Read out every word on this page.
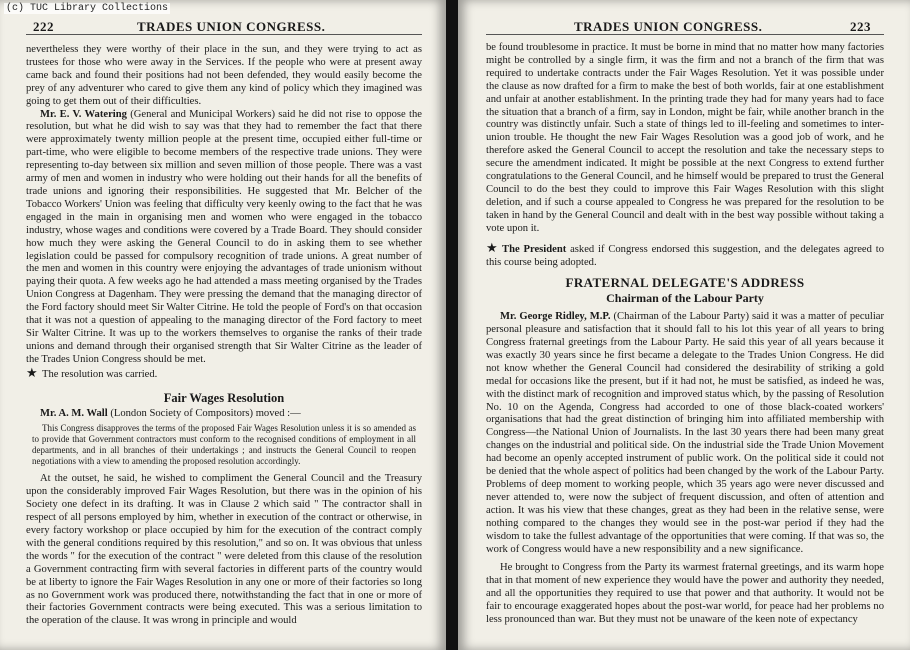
(c) TUC Library Collections
222	TRADES UNION CONGRESS.

nevertheless they were worthy of their place in the sun, and they were trying to act as trustees for those who were away in the Services. If the people who were at present away came back and found their positions had not been defended, they would easily become the prey of any adventurer who cared to give them any kind of policy which they imagined was going to get them out of their difficulties.

Mr. E. V. Watering (General and Municipal Workers) said he did not rise to oppose the resolution, but what he did wish to say was that they had to remember the fact that there were approximately twenty million people at the present time, occupied either full-time or part-time, who were eligible to become members of the respective trade unions. They were representing to-day between six million and seven million of those people. There was a vast army of men and women in industry who were holding out their hands for all the benefits of trade unions and ignoring their responsibilities. He suggested that Mr. Belcher of the Tobacco Workers' Union was feeling that difficulty very keenly owing to the fact that he was engaged in the main in organising men and women who were engaged in the tobacco industry, whose wages and conditions were covered by a Trade Board. They should consider how much they were asking the General Council to do in asking them to see whether legislation could be passed for compulsory recognition of trade unions. A great number of the men and women in this country were enjoying the advantages of trade unionism without paying their quota. A few weeks ago he had attended a mass meeting organised by the Trades Union Congress at Dagenham. They were pressing the demand that the managing director of the Ford factory should meet Sir Walter Citrine. He told the people of Ford's on that occasion that it was not a question of appealing to the managing director of the Ford factory to meet Sir Walter Citrine. It was up to the workers themselves to organise the ranks of their trade unions and demand through their organised strength that Sir Walter Citrine as the leader of the Trades Union Congress should be met.

★ The resolution was carried.

Fair Wages Resolution

Mr. A. M. Wall (London Society of Compositors) moved :—

This Congress disapproves the terms of the proposed Fair Wages Resolution unless it is so amended as to provide that Government contractors must conform to the recognised conditions of employment in all departments, and in all branches of their undertakings ; and instructs the General Council to reopen negotiations with a view to amending the proposed resolution accordingly.

At the outset, he said, he wished to compliment the General Council and the Treasury upon the considerably improved Fair Wages Resolution, but there was in the opinion of his Society one defect in its drafting. It was in Clause 2 which said " The contractor shall in respect of all persons employed by him, whether in execution of the contract or otherwise, in every factory workshop or place occupied by him for the execution of the contract comply with the general conditions required by this resolution," and so on. It was obvious that unless the words " for the execution of the contract " were deleted from this clause of the resolution a Government contracting firm with several factories in different parts of the country would be at liberty to ignore the Fair Wages Resolution in any one or more of their factories so long as no Government work was produced there, notwithstanding the fact that in one or more of their factories Government contracts were being executed. This was a serious limitation to the operation of the clause. It was wrong in principle and would

TRADES UNION CONGRESS.	223

be found troublesome in practice. It must be borne in mind that no matter how many factories might be controlled by a single firm, it was the firm and not a branch of the firm that was required to undertake contracts under the Fair Wages Resolution. Yet it was possible under the clause as now drafted for a firm to make the best of both worlds, fair at one establishment and unfair at another establishment. In the printing trade they had for many years had to face the situation that a branch of a firm, say in London, might be fair, while another branch in the country was distinctly unfair. Such a state of things led to ill-feeling and sometimes to inter-union trouble. He thought the new Fair Wages Resolution was a good job of work, and he therefore asked the General Council to accept the resolution and take the necessary steps to secure the amendment indicated. It might be possible at the next Congress to extend further congratulations to the General Council, and he himself would be prepared to trust the General Council to do the best they could to improve this Fair Wages Resolution with this slight deletion, and if such a course appealed to Congress he was prepared for the resolution to be taken in hand by the General Council and dealt with in the best way possible without taking a vote upon it.

★ The President asked if Congress endorsed this suggestion, and the delegates agreed to this course being adopted.

FRATERNAL DELEGATE'S ADDRESS
Chairman of the Labour Party

Mr. George Ridley, M.P. (Chairman of the Labour Party) said it was a matter of peculiar personal pleasure and satisfaction that it should fall to his lot this year of all years to bring Congress fraternal greetings from the Labour Party. He said this year of all years because it was exactly 30 years since he first became a delegate to the Trades Union Congress. He did not know whether the General Council had considered the desirability of striking a gold medal for occasions like the present, but if it had not, he must be satisfied, as indeed he was, with the distinct mark of recognition and improved status which, by the passing of Resolution No. 10 on the Agenda, Congress had accorded to one of those black-coated workers' organisations that had the great distinction of bringing him into affiliated membership with Congress—the National Union of Journalists. In the last 30 years there had been many great changes on the industrial and political side. On the industrial side the Trade Union Movement had become an openly accepted instrument of public work. On the political side it could not be denied that the whole aspect of politics had been changed by the work of the Labour Party. Problems of deep moment to working people, which 35 years ago were never discussed and never attended to, were now the subject of frequent discussion, and often of attention and action. It was his view that these changes, great as they had been in the relative sense, were nothing compared to the changes they would see in the post-war period if they had the wisdom to take the fullest advantage of the opportunities that were coming. If that was so, the work of Congress would have a new responsibility and a new significance.

He brought to Congress from the Party its warmest fraternal greetings, and its warm hope that in that moment of new experience they would have the power and authority they needed, and all the opportunities they required to use that power and that authority. It would not be fair to encourage exaggerated hopes about the post-war world, for peace had her problems no less pronounced than war. But they must not be unaware of the keen note of expectancy
